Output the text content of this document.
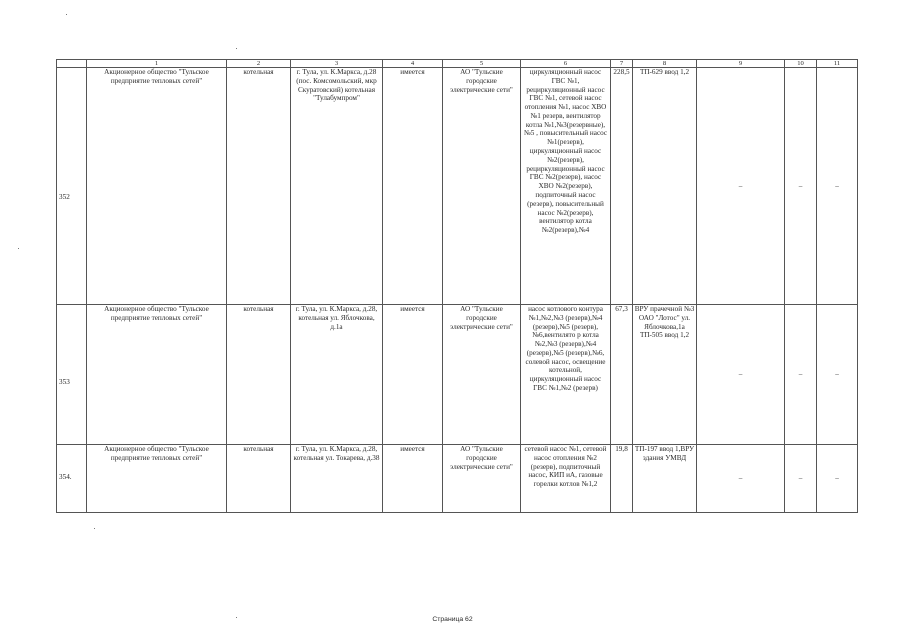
	1	2	3	4	5	6	7	8	9	10	11
352	Акционерное общество "Тульское предприятие тепловых сетей"	котельная	г. Тула, ул. К.Маркса, д.28 (пос. Комсомольский, мкр Скуратовский) котельная "Тулабумпром"	имеется	АО "Тульские городские электрические сети"	циркуляционный насос ГВС №1, рециркуляционный насос ГВС №1, сетевой насос отопления №1, насос ХВО №1 резерв, вентилятор котла №1,№3(резервные),№5 , повысительный насос №1(резерв), циркуляционный насос №2(резерв), рециркуляционный насос ГВС №2(резерв), насос ХВО №2(резерв), подпиточный насос (резерв), повысительный насос №2(резерв), вентилятор котла №2(резерв),№4	228,5	ТП-629 ввод 1,2	–	–	–
353	Акционерное общество "Тульское предприятие тепловых сетей"	котельная	г. Тула, ул. К.Маркса, д.28, котельная ул. Яблочкова, д.1а	имеется	АО "Тульские городские электрические сети"	насос котлового контура №1,№2,№3 (резерв),№4 (резерв),№5 (резерв),№6,вентилято р котла №2,№3 (резерв),№4 (резерв),№5 (резерв),№6, солевой насос, освещение котельной, циркуляционный насос ГВС №1,№2 (резерв)	67,3	ВРУ прачечной №3 ОАО "Лотос" ул. Яблочкова,1а ТП-505 ввод 1,2	–	–	–
354.	Акционерное общество "Тульское предприятие тепловых сетей"	котельная	г. Тула, ул. К.Маркса, д.28, котельная ул. Токарева, д.38	имеется	АО "Тульские городские электрические сети"	сетевой насос №1, сетевой насос отопления №2 (резерв), подпиточный насос, КИП иА, газовые горелки котлов №1,2	19,8	ТП-197 ввод 1,ВРУ здания УМВД	–	–	–
Страница 62
